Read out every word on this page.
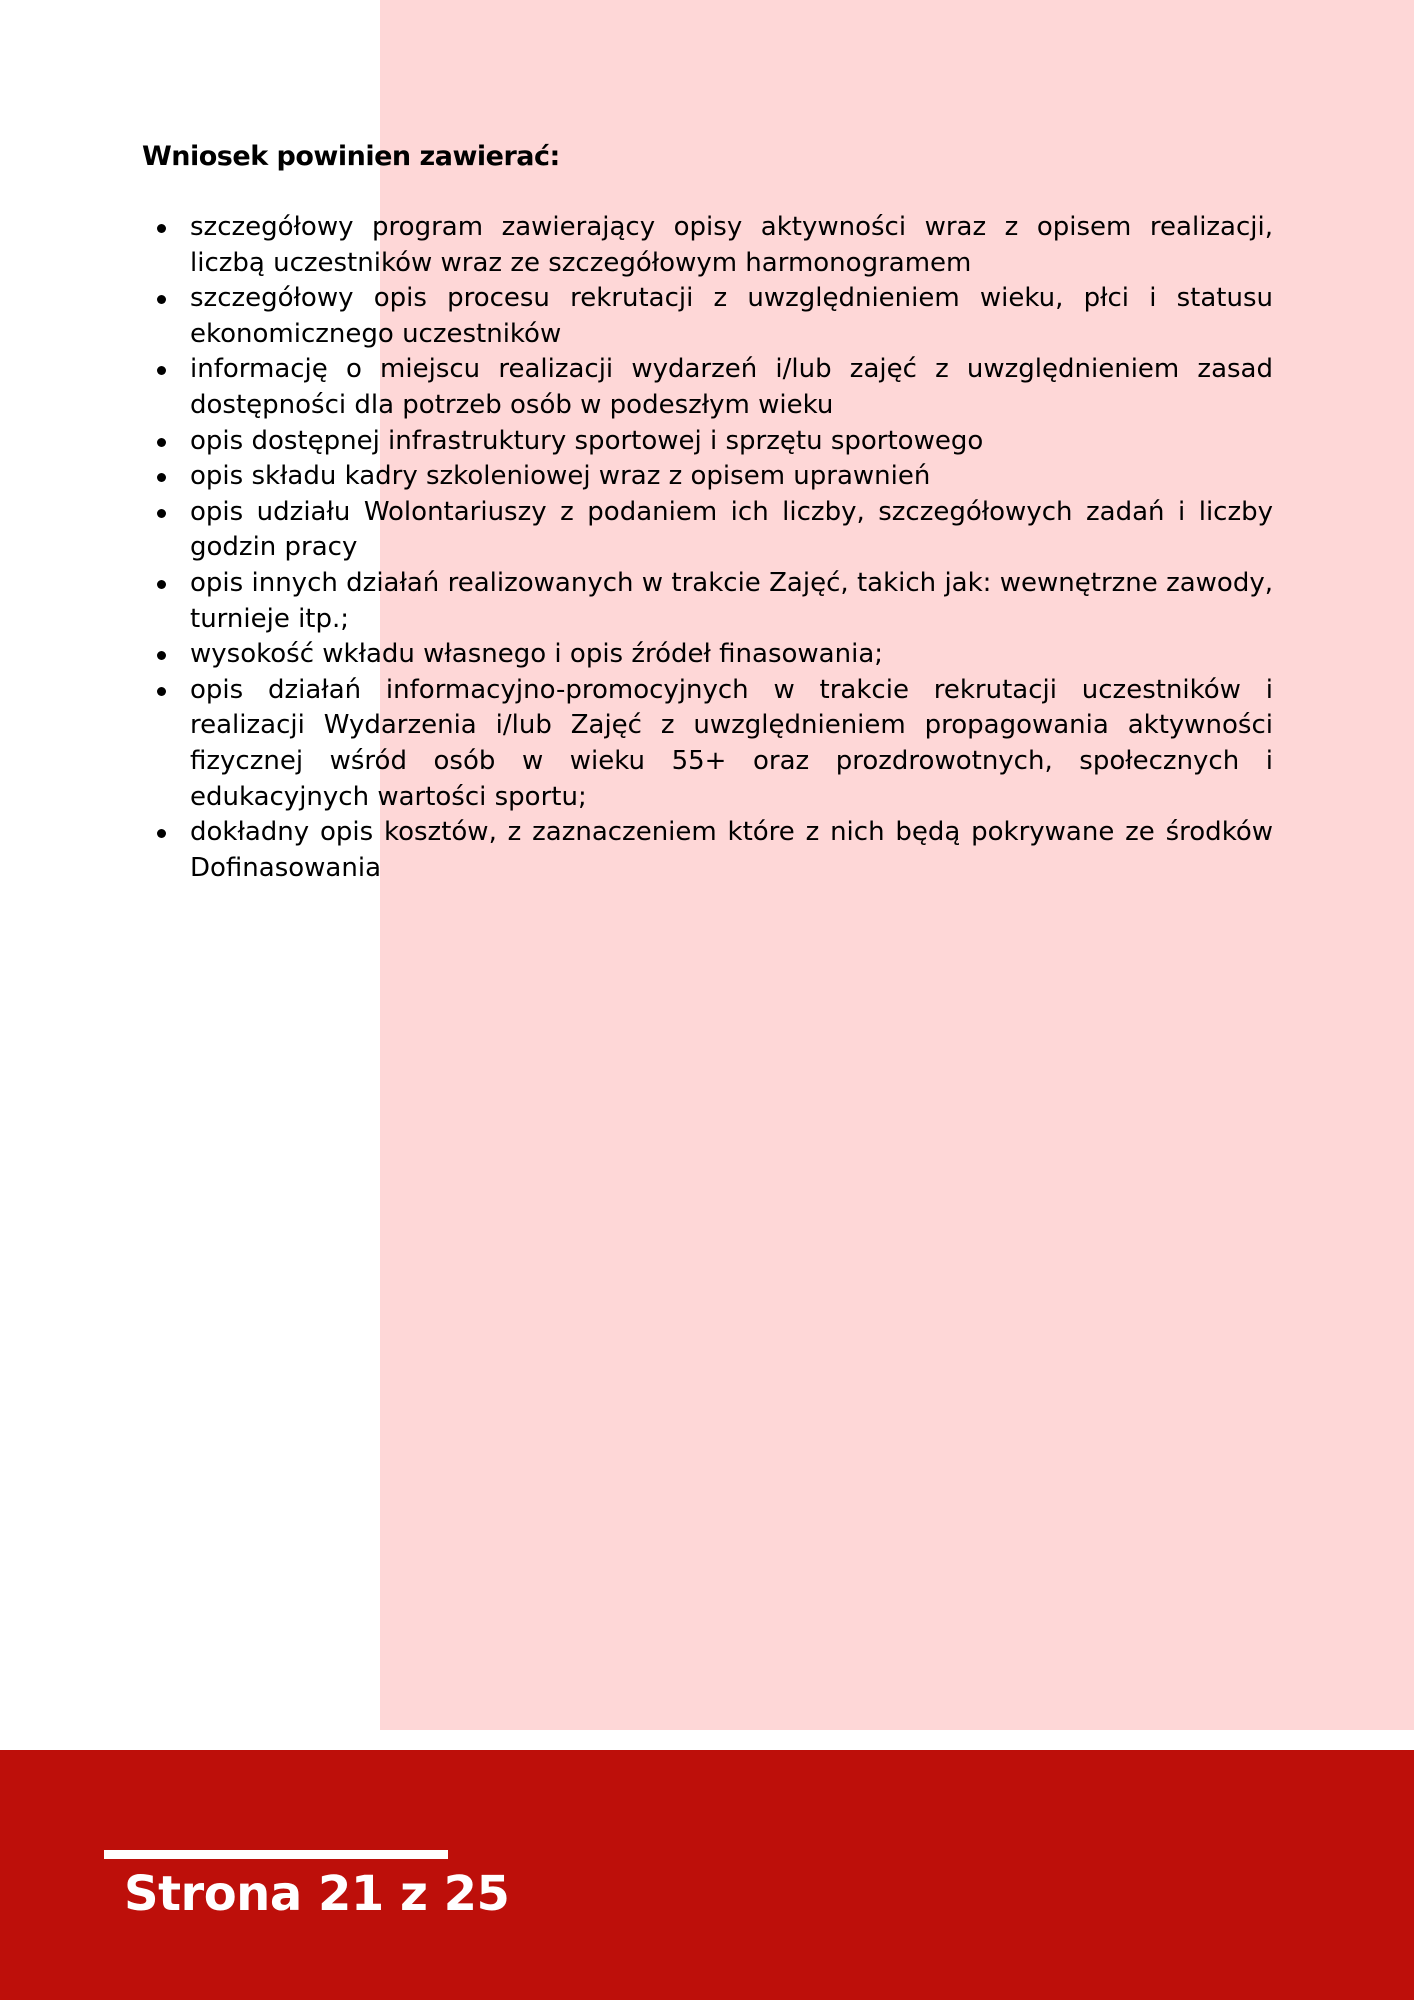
Wniosek powinien zawierać:
szczegółowy program zawierający opisy aktywności wraz z opisem realizacji, liczbą uczestników wraz ze szczegółowym harmonogramem
szczegółowy opis procesu rekrutacji z uwzględnieniem wieku, płci i statusu ekonomicznego uczestników
informację o miejscu realizacji wydarzeń i/lub zajęć z uwzględnieniem zasad dostępności dla potrzeb osób w podeszłym wieku
opis dostępnej infrastruktury sportowej i sprzętu sportowego
opis składu kadry szkoleniowej wraz z opisem uprawnień
opis udziału Wolontariuszy z podaniem ich liczby, szczegółowych zadań i liczby godzin pracy
opis innych działań realizowanych w trakcie Zajęć, takich jak: wewnętrzne zawody, turnieje itp.;
wysokość wkładu własnego i opis źródeł finasowania;
opis działań informacyjno-promocyjnych w trakcie rekrutacji uczestników i realizacji Wydarzenia i/lub Zajęć z uwzględnieniem propagowania aktywności fizycznej wśród osób w wieku 55+ oraz prozdrowotnych, społecznych i edukacyjnych wartości sportu;
dokładny opis kosztów, z zaznaczeniem które z nich będą pokrywane ze środków Dofinasowania
Strona 21 z 25
